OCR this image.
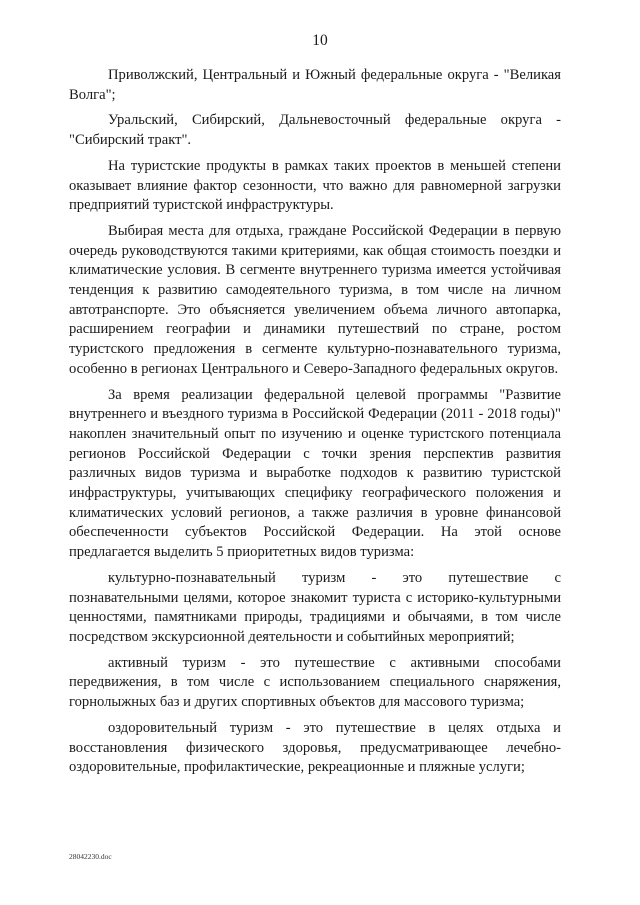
10

Приволжский, Центральный и Южный федеральные округа - "Великая Волга";

Уральский, Сибирский, Дальневосточный федеральные округа - "Сибирский тракт".

На туристские продукты в рамках таких проектов в меньшей степени оказывает влияние фактор сезонности, что важно для равномерной загрузки предприятий туристской инфраструктуры.

Выбирая места для отдыха, граждане Российской Федерации в первую очередь руководствуются такими критериями, как общая стоимость поездки и климатические условия. В сегменте внутреннего туризма имеется устойчивая тенденция к развитию самодеятельного туризма, в том числе на личном автотранспорте. Это объясняется увеличением объема личного автопарка, расширением географии и динамики путешествий по стране, ростом туристского предложения в сегменте культурно-познавательного туризма, особенно в регионах Центрального и Северо-Западного федеральных округов.

За время реализации федеральной целевой программы "Развитие внутреннего и въездного туризма в Российской Федерации (2011 - 2018 годы)" накоплен значительный опыт по изучению и оценке туристского потенциала регионов Российской Федерации с точки зрения перспектив развития различных видов туризма и выработке подходов к развитию туристской инфраструктуры, учитывающих специфику географического положения и климатических условий регионов, а также различия в уровне финансовой обеспеченности субъектов Российской Федерации. На этой основе предлагается выделить 5 приоритетных видов туризма:

культурно-познавательный туризм - это путешествие с познавательными целями, которое знакомит туриста с историко-культурными ценностями, памятниками природы, традициями и обычаями, в том числе посредством экскурсионной деятельности и событийных мероприятий;

активный туризм - это путешествие с активными способами передвижения, в том числе с использованием специального снаряжения, горнолыжных баз и других спортивных объектов для массового туризма;

оздоровительный туризм - это путешествие в целях отдыха и восстановления физического здоровья, предусматривающее лечебно-оздоровительные, профилактические, рекреационные и пляжные услуги;

28042230.doc
